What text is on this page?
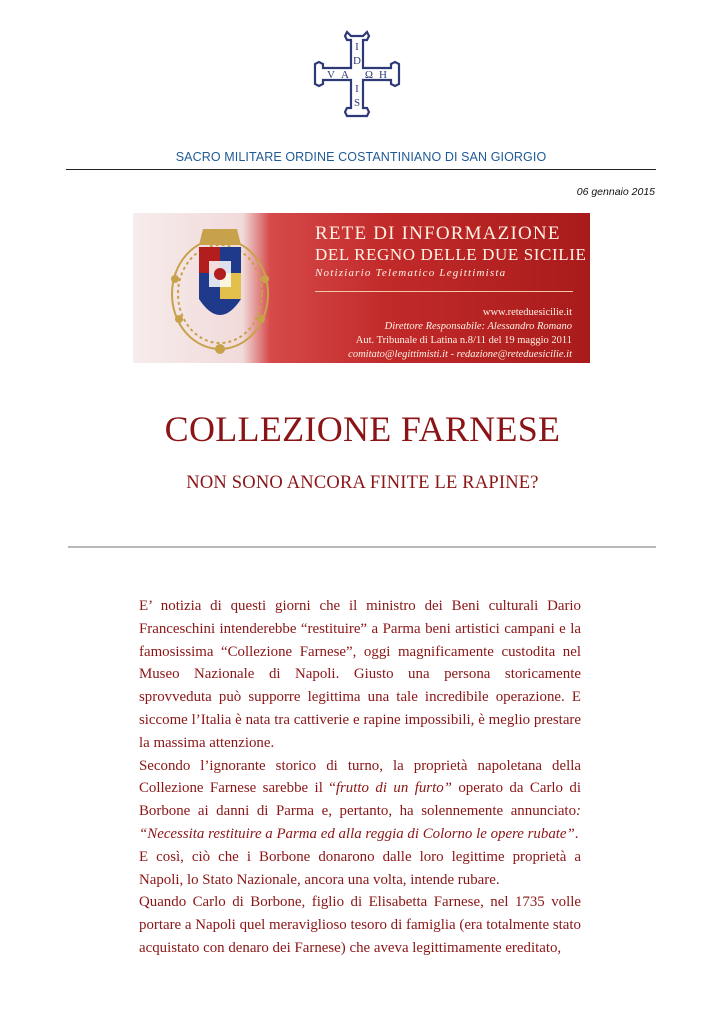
I
D
I
S
V A Ω H
SACRO MILITARE ORDINE COSTANTINIANO DI SAN GIORGIO
06 gennaio 2015
RETE DI INFORMAZIONE
DEL REGNO DELLE DUE SICILIE
Notiziario Telematico Legittimista
www.reteduesicilie.it
Direttore Responsabile: Alessandro Romano
Aut. Tribunale di Latina n.8/11 del 19 maggio 2011
comitato@legittimisti.it - redazione@reteduesicilie.it
COLLEZIONE FARNESE
NON SONO ANCORA FINITE LE RAPINE?

E’ notizia di questi giorni che il ministro dei Beni culturali Dario Franceschini intenderebbe “restituire” a Parma beni artistici campani e la famosissima “Collezione Farnese”, oggi magnificamente custodita nel Museo Nazionale di Napoli. Giusto una persona storicamente sprovveduta può supporre legittima una tale incredibile operazione. E siccome l’Italia è nata tra cattiverie e rapine impossibili, è meglio prestare la massima attenzione.

Secondo l’ignorante storico di turno, la proprietà napoletana della Collezione Farnese sarebbe il “frutto di un furto” operato da Carlo di Borbone ai danni di Parma e, pertanto, ha solennemente annunciato: “Necessita restituire a Parma ed alla reggia di Colorno le opere rubate”.

E così, ciò che i Borbone donarono dalle loro legittime proprietà a Napoli, lo Stato Nazionale, ancora una volta, intende rubare.

Quando Carlo di Borbone, figlio di Elisabetta Farnese, nel 1735 volle portare a Napoli quel meraviglioso tesoro di famiglia (era totalmente stato acquistato con denaro dei Farnese) che aveva legittimamente ereditato,
